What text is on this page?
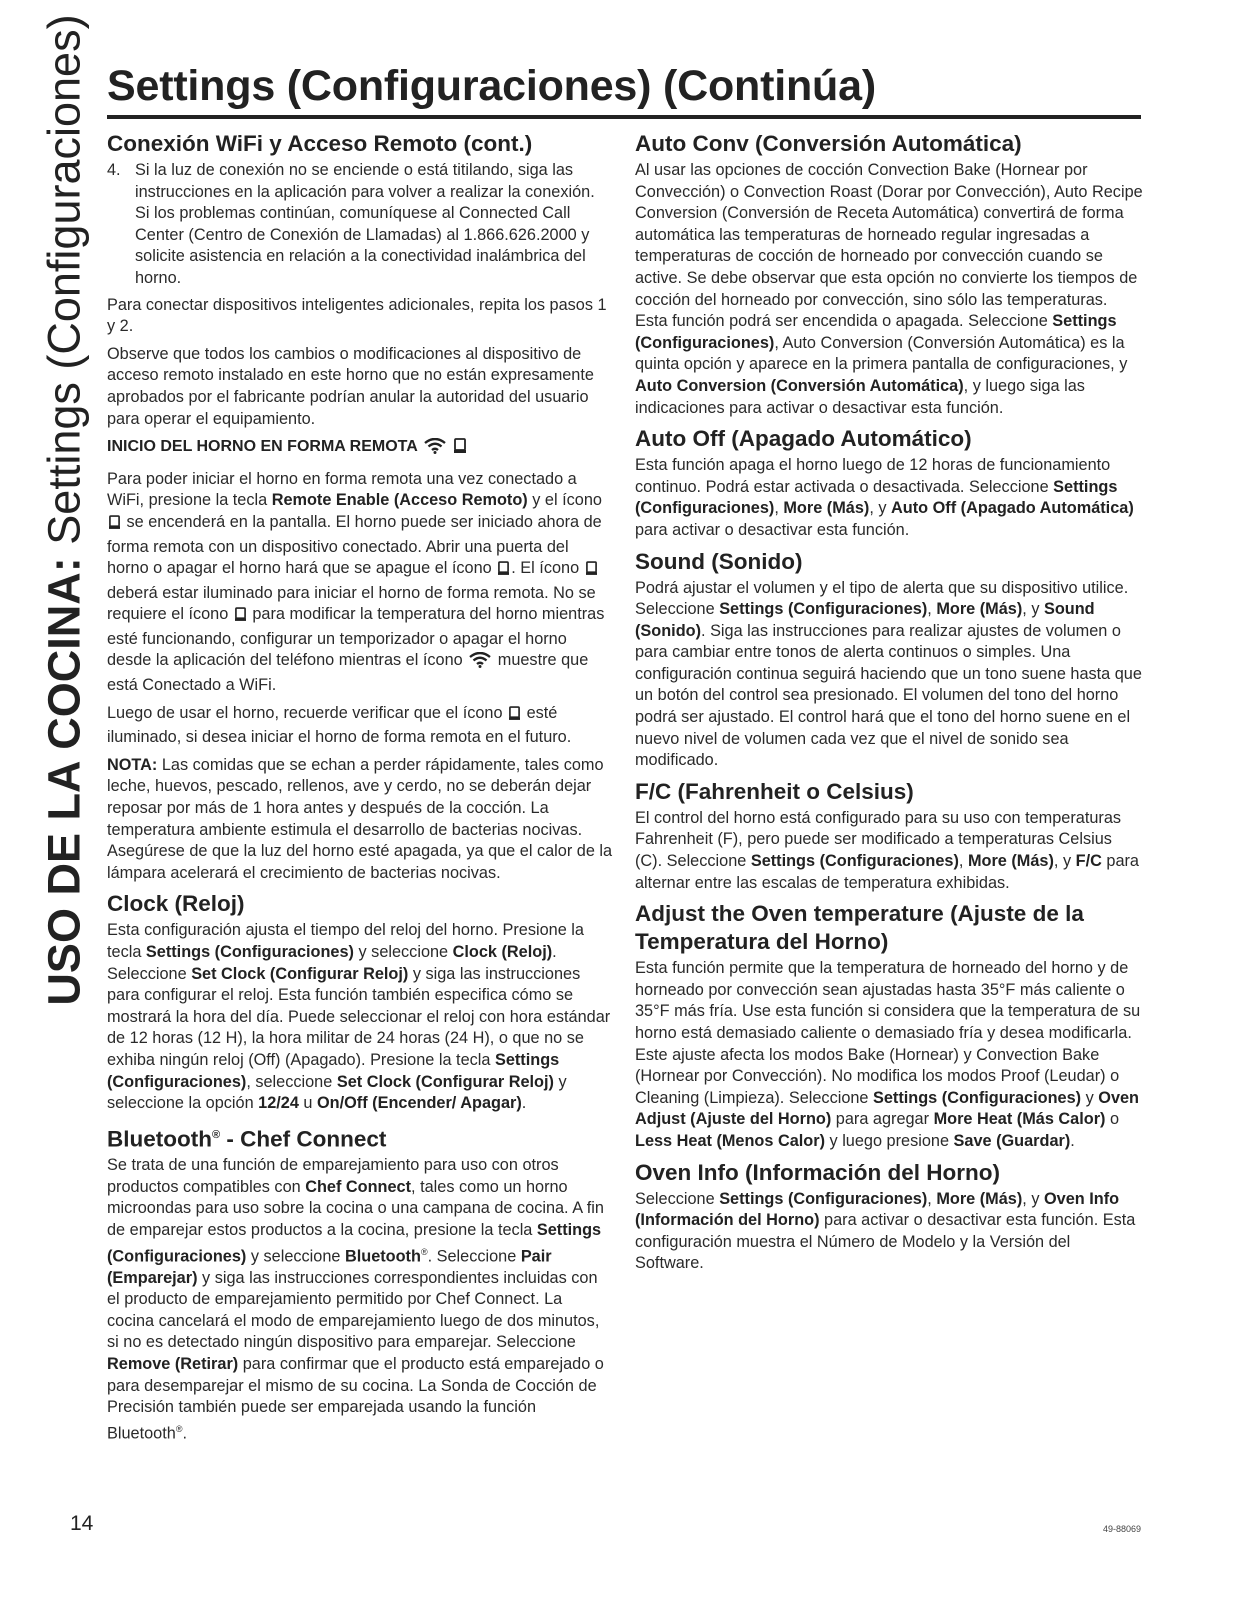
USO DE LA COCINA: Settings (Configuraciones) Settings (Configuraciones) (Continúa)
Conexión WiFi y Acceso Remoto (cont.)
4. Si la luz de conexión no se enciende o está titilando, siga las instrucciones en la aplicación para volver a realizar la conexión. Si los problemas continúan, comuníquese al Connected Call Center (Centro de Conexión de Llamadas) al 1.866.626.2000 y solicite asistencia en relación a la conectividad inalámbrica del horno.

Para conectar dispositivos inteligentes adicionales, repita los pasos 1 y 2.

Observe que todos los cambios o modificaciones al dispositivo de acceso remoto instalado en este horno que no están expresamente aprobados por el fabricante podrían anular la autoridad del usuario para operar el equipamiento.

INICIO DEL HORNO EN FORMA REMOTA

Para poder iniciar el horno en forma remota una vez conectado a WiFi, presione la tecla Remote Enable (Acceso Remoto) y el ícono  se encenderá en la pantalla. El horno puede ser iniciado ahora de forma remota con un dispositivo conectado. Abrir una puerta del horno o apagar el horno hará que se apague el ícono . El ícono  deberá estar iluminado para iniciar el horno de forma remota. No se requiere el ícono  para modificar la temperatura del horno mientras esté funcionando, configurar un temporizador o apagar el horno desde la aplicación del teléfono mientras el ícono  muestre que está Conectado a WiFi.

Luego de usar el horno, recuerde verificar que el ícono  esté iluminado, si desea iniciar el horno de forma remota en el futuro.

NOTA: Las comidas que se echan a perder rápidamente, tales como leche, huevos, pescado, rellenos, ave y cerdo, no se deberán dejar reposar por más de 1 hora antes y después de la cocción. La temperatura ambiente estimula el desarrollo de bacterias nocivas. Asegúrese de que la luz del horno esté apagada, ya que el calor de la lámpara acelerará el crecimiento de bacterias nocivas.

Clock (Reloj)

Esta configuración ajusta el tiempo del reloj del horno. Presione la tecla Settings (Configuraciones) y seleccione Clock (Reloj). Seleccione Set Clock (Configurar Reloj) y siga las instrucciones para configurar el reloj. Esta función también especifica cómo se mostrará la hora del día. Puede seleccionar el reloj con hora estándar de 12 horas (12 H), la hora militar de 24 horas (24 H), o que no se exhiba ningún reloj (Off) (Apagado). Presione la tecla Settings (Configuraciones), seleccione Set Clock (Configurar Reloj) y seleccione la opción 12/24 u On/Off (Encender/ Apagar).

Bluetooth® - Chef Connect

Se trata de una función de emparejamiento para uso con otros productos compatibles con Chef Connect, tales como un horno microondas para uso sobre la cocina o una campana de cocina. A fin de emparejar estos productos a la cocina, presione la tecla Settings (Configuraciones) y seleccione Bluetooth®. Seleccione Pair (Emparejar) y siga las instrucciones correspondientes incluidas con el producto de emparejamiento permitido por Chef Connect. La cocina cancelará el modo de emparejamiento luego de dos minutos, si no es detectado ningún dispositivo para emparejar. Seleccione Remove (Retirar) para confirmar que el producto está emparejado o para desemparejar el mismo de su cocina. La Sonda de Cocción de Precisión también puede ser emparejada usando la función Bluetooth®.

Auto Conv (Conversión Automática)

Al usar las opciones de cocción Convection Bake (Hornear por Convección) o Convection Roast (Dorar por Convección), Auto Recipe Conversion (Conversión de Receta Automática) convertirá de forma automática las temperaturas de horneado regular ingresadas a temperaturas de cocción de horneado por convección cuando se active. Se debe observar que esta opción no convierte los tiempos de cocción del horneado por convección, sino sólo las temperaturas. Esta función podrá ser encendida o apagada. Seleccione Settings (Configuraciones), Auto Conversion (Conversión Automática) es la quinta opción y aparece en la primera pantalla de configuraciones, y Auto Conversion (Conversión Automática), y luego siga las indicaciones para activar o desactivar esta función.

Auto Off (Apagado Automático)

Esta función apaga el horno luego de 12 horas de funcionamiento continuo. Podrá estar activada o desactivada. Seleccione Settings (Configuraciones), More (Más), y Auto Off (Apagado Automática) para activar o desactivar esta función.

Sound (Sonido)

Podrá ajustar el volumen y el tipo de alerta que su dispositivo utilice. Seleccione Settings (Configuraciones), More (Más), y Sound (Sonido). Siga las instrucciones para realizar ajustes de volumen o para cambiar entre tonos de alerta continuos o simples. Una configuración continua seguirá haciendo que un tono suene hasta que un botón del control sea presionado. El volumen del tono del horno podrá ser ajustado. El control hará que el tono del horno suene en el nuevo nivel de volumen cada vez que el nivel de sonido sea modificado.

F/C (Fahrenheit o Celsius)

El control del horno está configurado para su uso con temperaturas Fahrenheit (F), pero puede ser modificado a temperaturas Celsius (C). Seleccione Settings (Configuraciones), More (Más), y F/C para alternar entre las escalas de temperatura exhibidas.

Adjust the Oven temperature (Ajuste de la Temperatura del Horno)

Esta función permite que la temperatura de horneado del horno y de horneado por convección sean ajustadas hasta 35°F más caliente o 35°F más fría. Use esta función si considera que la temperatura de su horno está demasiado caliente o demasiado fría y desea modificarla. Este ajuste afecta los modos Bake (Hornear) y Convection Bake (Hornear por Convección). No modifica los modos Proof (Leudar) o Cleaning (Limpieza). Seleccione Settings (Configuraciones) y Oven Adjust (Ajuste del Horno) para agregar More Heat (Más Calor) o Less Heat (Menos Calor) y luego presione Save (Guardar).

Oven Info (Información del Horno)

Seleccione Settings (Configuraciones), More (Más), y Oven Info (Información del Horno) para activar o desactivar esta función. Esta configuración muestra el Número de Modelo y la Versión del Software.

14	49-88069
